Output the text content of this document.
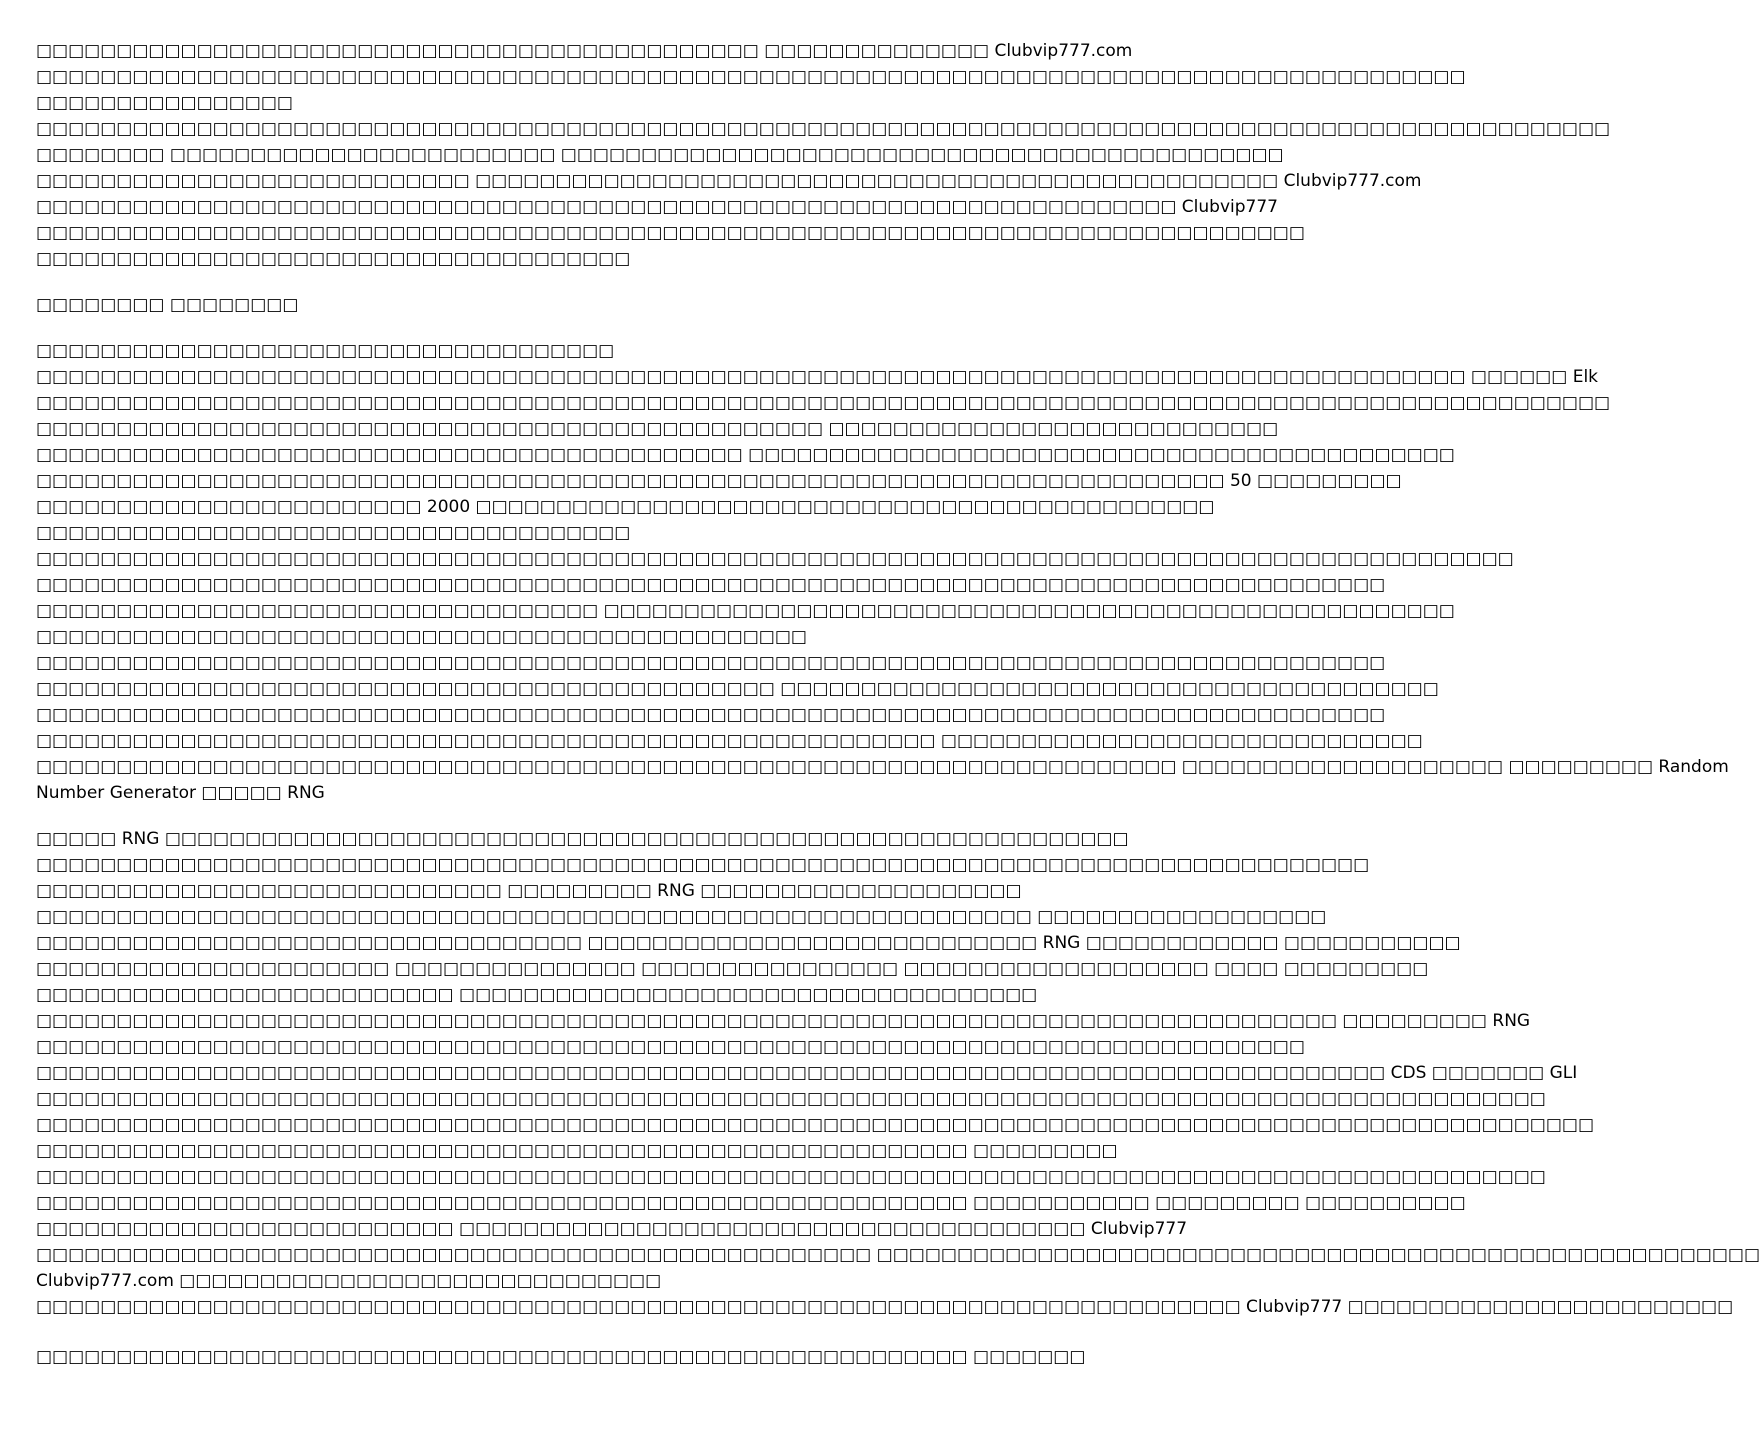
□□□□□□□□□□□□□□□□□□□□□□□□□□□□□□□□□□□□□□□□□□□□□ □□□□□□□□□□□□□□ Clubvip777.com
□□□□□□□□□□□□□□□□□□□□□□□□□□□□□□□□□□□□□□□□□□□□□□□□□□□□□□□□□□□□□□□□□□□□□□□□□□□□□□□□□□□□□□□□□
□□□□□□□□□□□□□□□□
□□□□□□□□□□□□□□□□□□□□□□□□□□□□□□□□□□□□□□□□□□□□□□□□□□□□□□□□□□□□□□□□□□□□□□□□□□□□□□□□□□□□□□□□□□□□□□□□□□
□□□□□□□□ □□□□□□□□□□□□□□□□□□□□□□□□ □□□□□□□□□□□□□□□□□□□□□□□□□□□□□□□□□□□□□□□□□□□□□
□□□□□□□□□□□□□□□□□□□□□□□□□□□ □□□□□□□□□□□□□□□□□□□□□□□□□□□□□□□□□□□□□□□□□□□□□□□□□□ Clubvip777.com
□□□□□□□□□□□□□□□□□□□□□□□□□□□□□□□□□□□□□□□□□□□□□□□□□□□□□□□□□□□□□□□□□□□□□□□ Clubvip777
□□□□□□□□□□□□□□□□□□□□□□□□□□□□□□□□□□□□□□□□□□□□□□□□□□□□□□□□□□□□□□□□□□□□□□□□□□□□□□□
□□□□□□□□□□□□□□□□□□□□□□□□□□□□□□□□□□□□□
□□□□□□□□ □□□□□□□□
□□□□□□□□□□□□□□□□□□□□□□□□□□□□□□□□□□□□
□□□□□□□□□□□□□□□□□□□□□□□□□□□□□□□□□□□□□□□□□□□□□□□□□□□□□□□□□□□□□□□□□□□□□□□□□□□□□□□□□□□□□□□□□ □□□□□□ Elk
□□□□□□□□□□□□□□□□□□□□□□□□□□□□□□□□□□□□□□□□□□□□□□□□□□□□□□□□□□□□□□□□□□□□□□□□□□□□□□□□□□□□□□□□□□□□□□□□□□
□□□□□□□□□□□□□□□□□□□□□□□□□□□□□□□□□□□□□□□□□□□□□□□□□ □□□□□□□□□□□□□□□□□□□□□□□□□□□□
□□□□□□□□□□□□□□□□□□□□□□□□□□□□□□□□□□□□□□□□□□□□ □□□□□□□□□□□□□□□□□□□□□□□□□□□□□□□□□□□□□□□□□□□□
□□□□□□□□□□□□□□□□□□□□□□□□□□□□□□□□□□□□□□□□□□□□□□□□□□□□□□□□□□□□□□□□□□□□□□□□□□ 50 □□□□□□□□□
□□□□□□□□□□□□□□□□□□□□□□□□ 2000 □□□□□□□□□□□□□□□□□□□□□□□□□□□□□□□□□□□□□□□□□□□□□□
□□□□□□□□□□□□□□□□□□□□□□□□□□□□□□□□□□□□□
□□□□□□□□□□□□□□□□□□□□□□□□□□□□□□□□□□□□□□□□□□□□□□□□□□□□□□□□□□□□□□□□□□□□□□□□□□□□□□□□□□□□□□□□□□□□
□□□□□□□□□□□□□□□□□□□□□□□□□□□□□□□□□□□□□□□□□□□□□□□□□□□□□□□□□□□□□□□□□□□□□□□□□□□□□□□□□□□□
□□□□□□□□□□□□□□□□□□□□□□□□□□□□□□□□□□□ □□□□□□□□□□□□□□□□□□□□□□□□□□□□□□□□□□□□□□□□□□□□□□□□□□□□□
□□□□□□□□□□□□□□□□□□□□□□□□□□□□□□□□□□□□□□□□□□□□□□□□
□□□□□□□□□□□□□□□□□□□□□□□□□□□□□□□□□□□□□□□□□□□□□□□□□□□□□□□□□□□□□□□□□□□□□□□□□□□□□□□□□□□□
□□□□□□□□□□□□□□□□□□□□□□□□□□□□□□□□□□□□□□□□□□□□□□ □□□□□□□□□□□□□□□□□□□□□□□□□□□□□□□□□□□□□□□□□
□□□□□□□□□□□□□□□□□□□□□□□□□□□□□□□□□□□□□□□□□□□□□□□□□□□□□□□□□□□□□□□□□□□□□□□□□□□□□□□□□□□□
□□□□□□□□□□□□□□□□□□□□□□□□□□□□□□□□□□□□□□□□□□□□□□□□□□□□□□□□ □□□□□□□□□□□□□□□□□□□□□□□□□□□□□□
□□□□□□□□□□□□□□□□□□□□□□□□□□□□□□□□□□□□□□□□□□□□□□□□□□□□□□□□□□□□□□□□□□□□□□□ □□□□□□□□□□□□□□□□□□□□ □□□□□□□□□ Random
Number Generator □□□□□ RNG
□□□□□ RNG □□□□□□□□□□□□□□□□□□□□□□□□□□□□□□□□□□□□□□□□□□□□□□□□□□□□□□□□□□□□
□□□□□□□□□□□□□□□□□□□□□□□□□□□□□□□□□□□□□□□□□□□□□□□□□□□□□□□□□□□□□□□□□□□□□□□□□□□□□□□□□□□
□□□□□□□□□□□□□□□□□□□□□□□□□□□□□ □□□□□□□□□ RNG □□□□□□□□□□□□□□□□□□□□
□□□□□□□□□□□□□□□□□□□□□□□□□□□□□□□□□□□□□□□□□□□□□□□□□□□□□□□□□□□□□□ □□□□□□□□□□□□□□□□□□
□□□□□□□□□□□□□□□□□□□□□□□□□□□□□□□□□□ □□□□□□□□□□□□□□□□□□□□□□□□□□□□ RNG □□□□□□□□□□□□ □□□□□□□□□□□
□□□□□□□□□□□□□□□□□□□□□□ □□□□□□□□□□□□□□□ □□□□□□□□□□□□□□□□ □□□□□□□□□□□□□□□□□□□ □□□□ □□□□□□□□□
□□□□□□□□□□□□□□□□□□□□□□□□□□ □□□□□□□□□□□□□□□□□□□□□□□□□□□□□□□□□□□□
□□□□□□□□□□□□□□□□□□□□□□□□□□□□□□□□□□□□□□□□□□□□□□□□□□□□□□□□□□□□□□□□□□□□□□□□□□□□□□□□□ □□□□□□□□□ RNG
□□□□□□□□□□□□□□□□□□□□□□□□□□□□□□□□□□□□□□□□□□□□□□□□□□□□□□□□□□□□□□□□□□□□□□□□□□□□□□□
□□□□□□□□□□□□□□□□□□□□□□□□□□□□□□□□□□□□□□□□□□□□□□□□□□□□□□□□□□□□□□□□□□□□□□□□□□□□□□□□□□□□ CDS □□□□□□□ GLI
□□□□□□□□□□□□□□□□□□□□□□□□□□□□□□□□□□□□□□□□□□□□□□□□□□□□□□□□□□□□□□□□□□□□□□□□□□□□□□□□□□□□□□□□□□□□□□
□□□□□□□□□□□□□□□□□□□□□□□□□□□□□□□□□□□□□□□□□□□□□□□□□□□□□□□□□□□□□□□□□□□□□□□□□□□□□□□□□□□□□□□□□□□□□□□□□
□□□□□□□□□□□□□□□□□□□□□□□□□□□□□□□□□□□□□□□□□□□□□□□□□□□□□□□□□□ □□□□□□□□□
□□□□□□□□□□□□□□□□□□□□□□□□□□□□□□□□□□□□□□□□□□□□□□□□□□□□□□□□□□□□□□□□□□□□□□□□□□□□□□□□□□□□□□□□□□□□□□
□□□□□□□□□□□□□□□□□□□□□□□□□□□□□□□□□□□□□□□□□□□□□□□□□□□□□□□□□□ □□□□□□□□□□□ □□□□□□□□□ □□□□□□□□□□
□□□□□□□□□□□□□□□□□□□□□□□□□□ □□□□□□□□□□□□□□□□□□□□□□□□□□□□□□□□□□□□□□□ Clubvip777
□□□□□□□□□□□□□□□□□□□□□□□□□□□□□□□□□□□□□□□□□□□□□□□□□□□□ □□□□□□□□□□□□□□□□□□□□□□□□□□□□□□□□□□□□□□□□□□□□□□□□□□□□□□□
Clubvip777.com □□□□□□□□□□□□□□□□□□□□□□□□□□□□□□
□□□□□□□□□□□□□□□□□□□□□□□□□□□□□□□□□□□□□□□□□□□□□□□□□□□□□□□□□□□□□□□□□□□□□□□□□□□ Clubvip777 □□□□□□□□□□□□□□□□□□□□□□□□
□□□□□□□□□□□□□□□□□□□□□□□□□□□□□□□□□□□□□□□□□□□□□□□□□□□□□□□□□□ □□□□□□□
